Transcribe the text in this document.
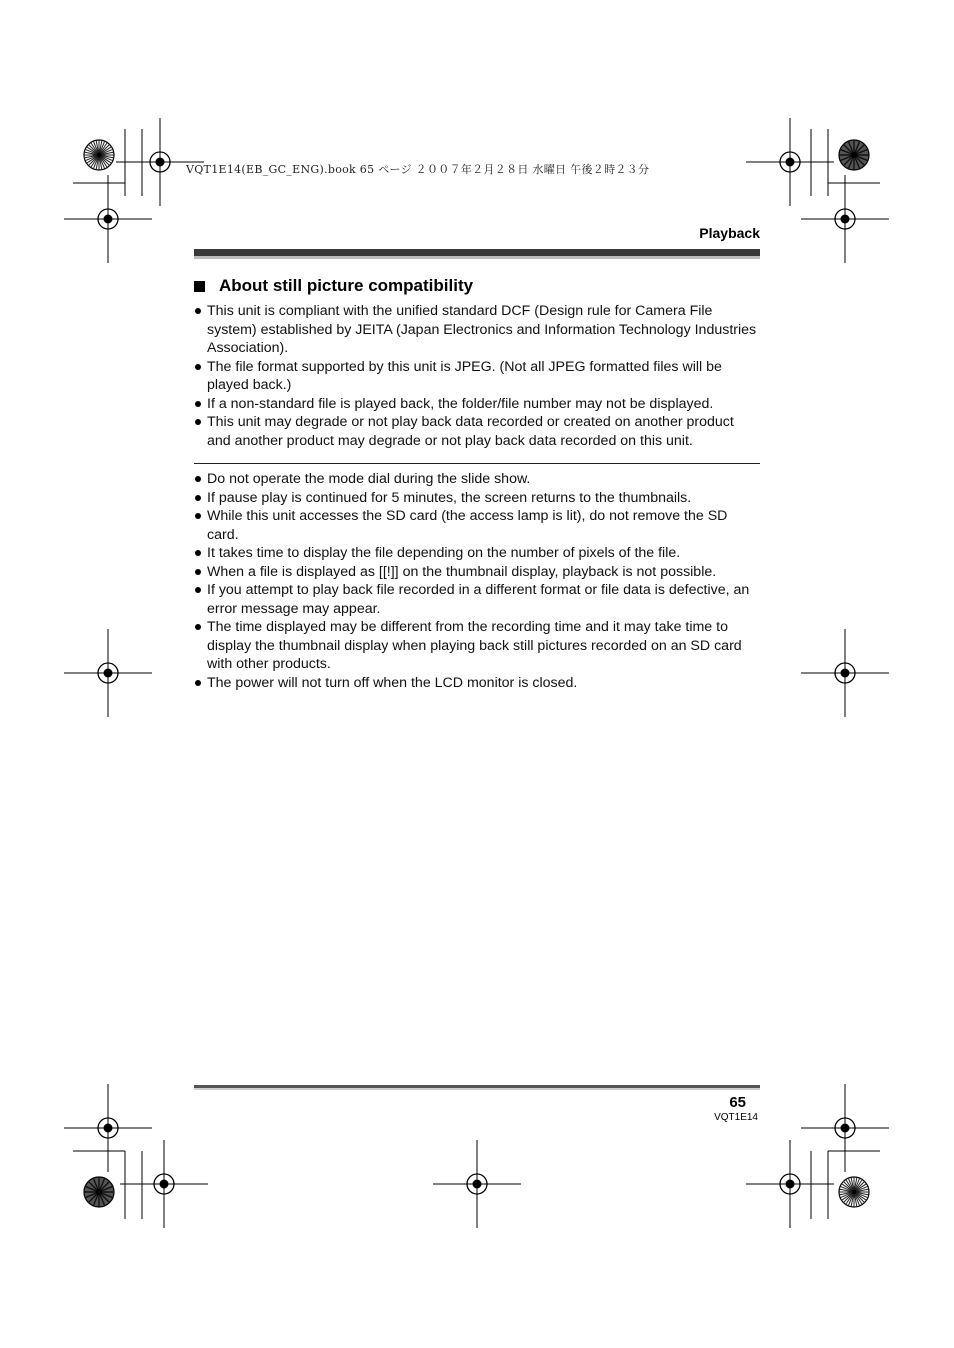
VQT1E14(EB_GC_ENG).book 65 ページ ２００７年２月２８日 水曜日 午後２時２３分
Playback
About still picture compatibility
This unit is compliant with the unified standard DCF (Design rule for Camera File system) established by JEITA (Japan Electronics and Information Technology Industries Association).
The file format supported by this unit is JPEG. (Not all JPEG formatted files will be played back.)
If a non-standard file is played back, the folder/file number may not be displayed.
This unit may degrade or not play back data recorded or created on another product and another product may degrade or not play back data recorded on this unit.
Do not operate the mode dial during the slide show.
If pause play is continued for 5 minutes, the screen returns to the thumbnails.
While this unit accesses the SD card (the access lamp is lit), do not remove the SD card.
It takes time to display the file depending on the number of pixels of the file.
When a file is displayed as [[!]] on the thumbnail display, playback is not possible.
If you attempt to play back file recorded in a different format or file data is defective, an error message may appear.
The time displayed may be different from the recording time and it may take time to display the thumbnail display when playing back still pictures recorded on an SD card with other products.
The power will not turn off when the LCD monitor is closed.
65
VQT1E14
